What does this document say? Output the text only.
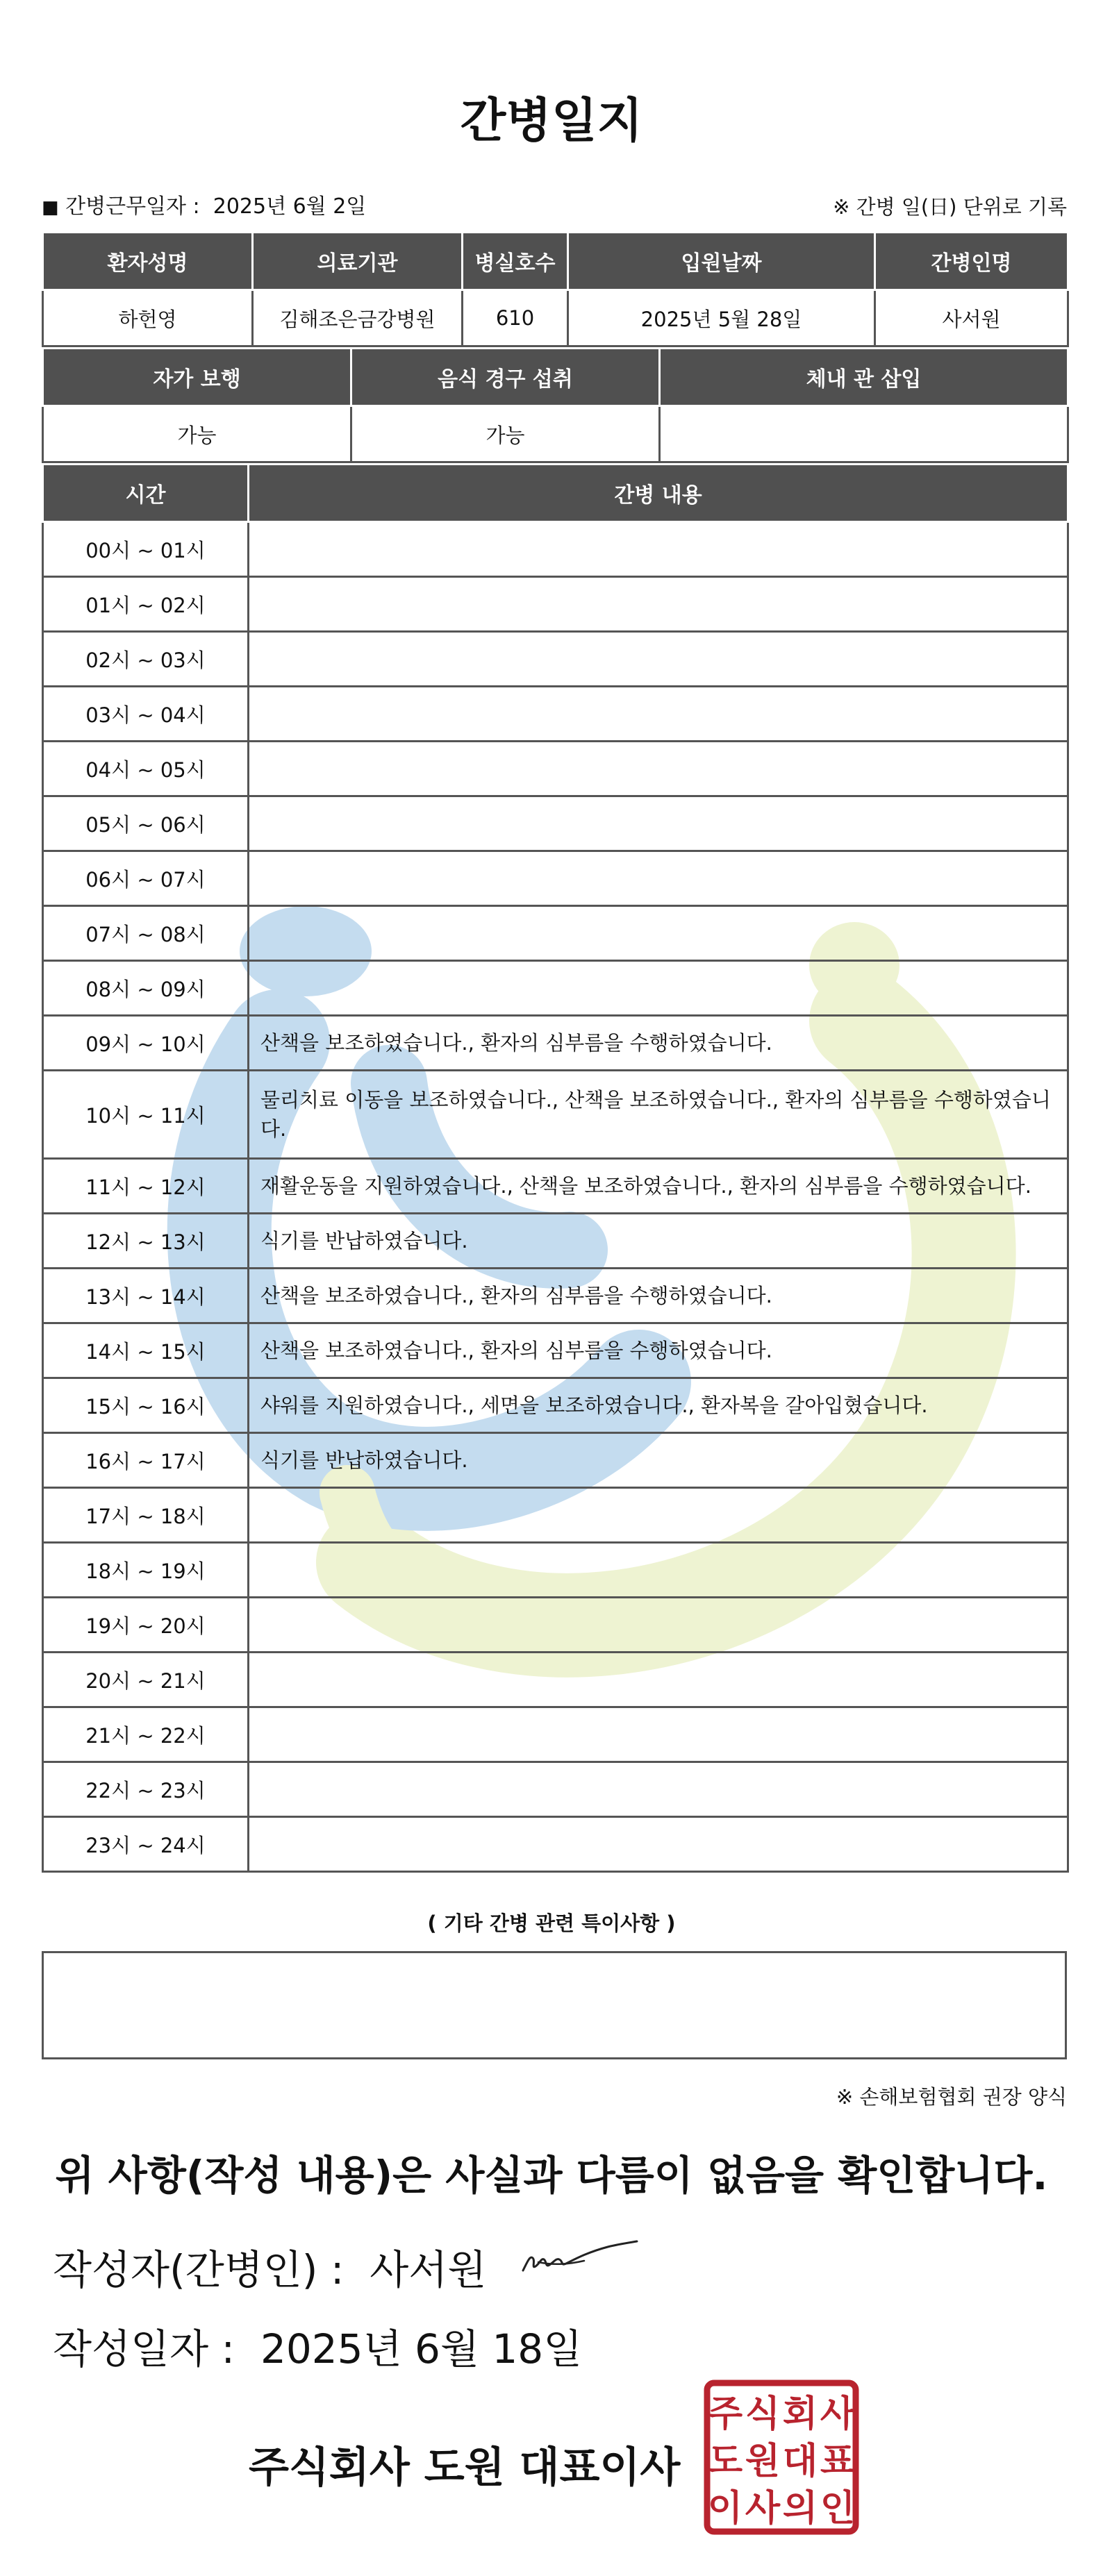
간병일지
■ 간병근무일자 : 2025년 6월 2일	※ 간병 일(日) 단위로 기록
환자성명	의료기관	병실호수	입원날짜	간병인명
하헌영	김해조은금강병원	610	2025년 5월 28일	사서원
자가 보행	음식 경구 섭취	체내 관 삽입
가능	가능	
시간	간병 내용
00시 ~ 01시	
01시 ~ 02시	
02시 ~ 03시	
03시 ~ 04시	
04시 ~ 05시	
05시 ~ 06시	
06시 ~ 07시	
07시 ~ 08시	
08시 ~ 09시	
09시 ~ 10시	산책을 보조하였습니다., 환자의 심부름을 수행하였습니다.
10시 ~ 11시	물리치료 이동을 보조하였습니다., 산책을 보조하였습니다., 환자의 심부름을 수행하였습니다.
11시 ~ 12시	재활운동을 지원하였습니다., 산책을 보조하였습니다., 환자의 심부름을 수행하였습니다.
12시 ~ 13시	식기를 반납하였습니다.
13시 ~ 14시	산책을 보조하였습니다., 환자의 심부름을 수행하였습니다.
14시 ~ 15시	산책을 보조하였습니다., 환자의 심부름을 수행하였습니다.
15시 ~ 16시	샤워를 지원하였습니다., 세면을 보조하였습니다., 환자복을 갈아입혔습니다.
16시 ~ 17시	식기를 반납하였습니다.
17시 ~ 18시	
18시 ~ 19시	
19시 ~ 20시	
20시 ~ 21시	
21시 ~ 22시	
22시 ~ 23시	
23시 ~ 24시	
( 기타 간병 관련 특이사항 )
※ 손해보험협회 권장 양식
위 사항(작성 내용)은 사실과 다름이 없음을 확인합니다.
작성자(간병인) : 사서원
작성일자 : 2025년 6월 18일
주식회사 도원 대표이사
주 식 회 사
도 원 대 표
이 사 의 인
